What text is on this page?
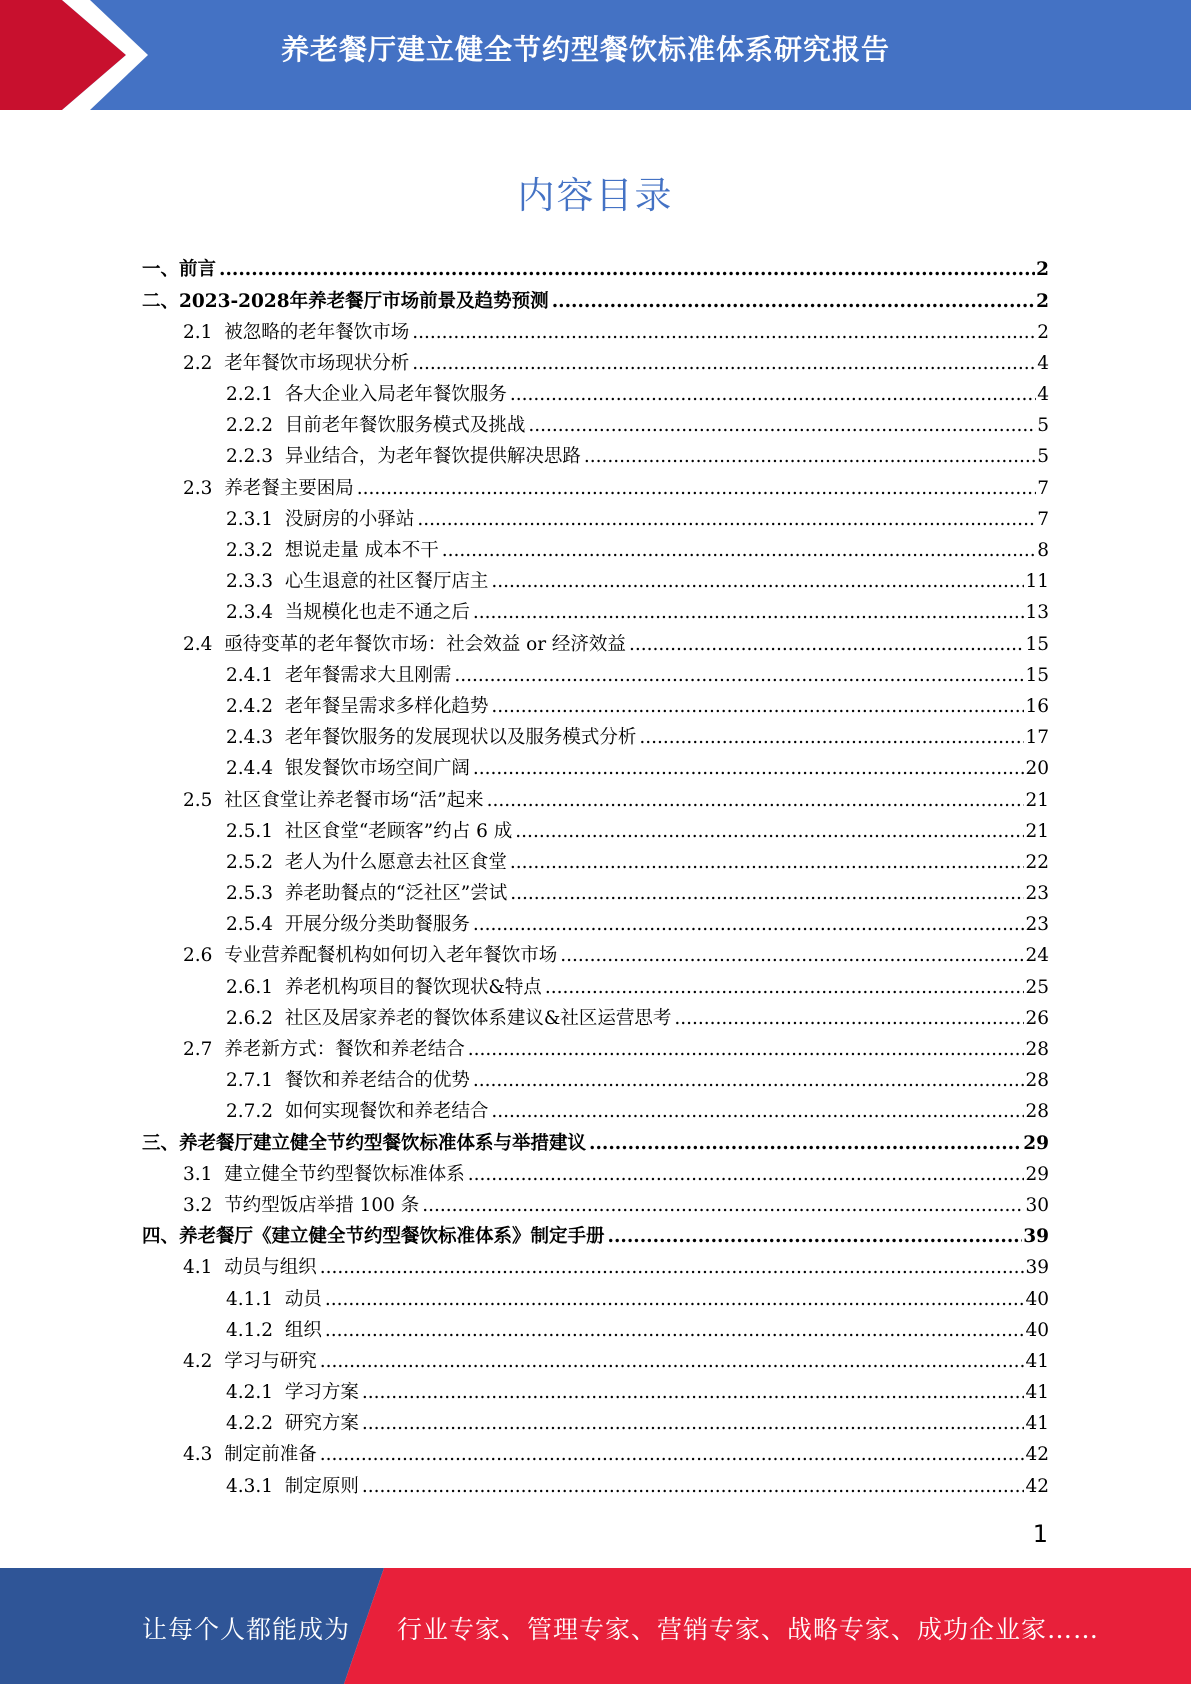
养老餐厅建立健全节约型餐饮标准体系研究报告
内容目录
一、 前言 .....	2
二、 2023-2028年养老餐厅市场前景及趋势预测 .....	2
2.1 被忽略的老年餐饮市场 .....	2
2.2 老年餐饮市场现状分析 .....	4
2.2.1 各大企业入局老年餐饮服务 .....	4
2.2.2 目前老年餐饮服务模式及挑战 .....	5
2.2.3 异业结合，为老年餐饮提供解决思路 .....	5
2.3 养老餐主要困局 .....	7
2.3.1 没厨房的小驿站 .....	7
2.3.2 想说走量 成本不干 .....	8
2.3.3 心生退意的社区餐厅店主 .....	11
2.3.4 当规模化也走不通之后 .....	13
2.4 亟待变革的老年餐饮市场：社会效益 or 经济效益 .....	15
2.4.1 老年餐需求大且刚需 .....	15
2.4.2 老年餐呈需求多样化趋势 .....	16
2.4.3 老年餐饮服务的发展现状以及服务模式分析 .....	17
2.4.4 银发餐饮市场空间广阔 .....	20
2.5 社区食堂让养老餐市场“活”起来 .....	21
2.5.1 社区食堂“老顾客”约占 6 成 .....	21
2.5.2 老人为什么愿意去社区食堂 .....	22
2.5.3 养老助餐点的“泛社区”尝试 .....	23
2.5.4 开展分级分类助餐服务 .....	23
2.6 专业营养配餐机构如何切入老年餐饮市场 .....	24
2.6.1 养老机构项目的餐饮现状&特点 .....	25
2.6.2 社区及居家养老的餐饮体系建议&社区运营思考 .....	26
2.7 养老新方式：餐饮和养老结合 .....	28
2.7.1 餐饮和养老结合的优势 .....	28
2.7.2 如何实现餐饮和养老结合 .....	28
三、 养老餐厅建立健全节约型餐饮标准体系与举措建议 .....	29
3.1 建立健全节约型餐饮标准体系 .....	29
3.2 节约型饭店举措 100 条 .....	30
四、 养老餐厅《建立健全节约型餐饮标准体系》制定手册 .....	39
4.1 动员与组织 .....	39
4.1.1 动员 .....	40
4.1.2 组织 .....	40
4.2 学习与研究 .....	41
4.2.1 学习方案 .....	41
4.2.2 研究方案 .....	41
4.3 制定前准备 .....	42
4.3.1 制定原则 .....	42
1
让每个人都能成为 行业专家、管理专家、营销专家、战略专家、成功企业家……
